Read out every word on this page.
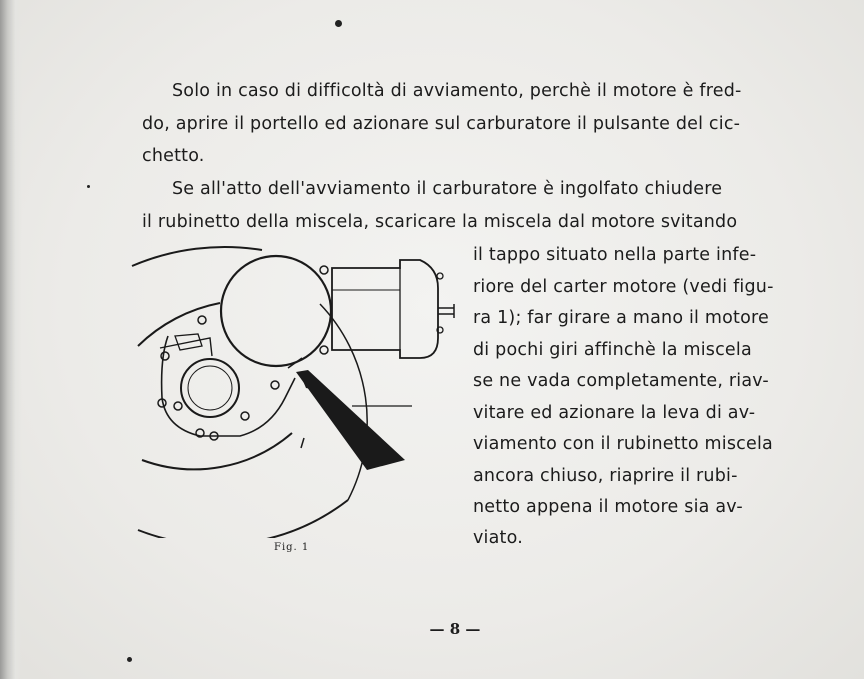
Solo in caso di difficoltà di avviamento, perchè il motore è fred-
do, aprire il portello ed azionare sul carburatore il pulsante del cic-
chetto.
Se all'atto dell'avviamento il carburatore è ingolfato chiudere
il rubinetto della miscela, scaricare la miscela dal motore svitando
il tappo situato nella parte infe-
riore del carter motore (vedi figu-
ra 1); far girare a mano il motore
di pochi giri affinchè la miscela
se ne vada completamente, riav-
vitare ed azionare la leva di av-
viamento con il rubinetto miscela
ancora chiuso, riaprire il rubi-
netto appena il motore sia av-
viato.
Fig. 1
— 8 —
